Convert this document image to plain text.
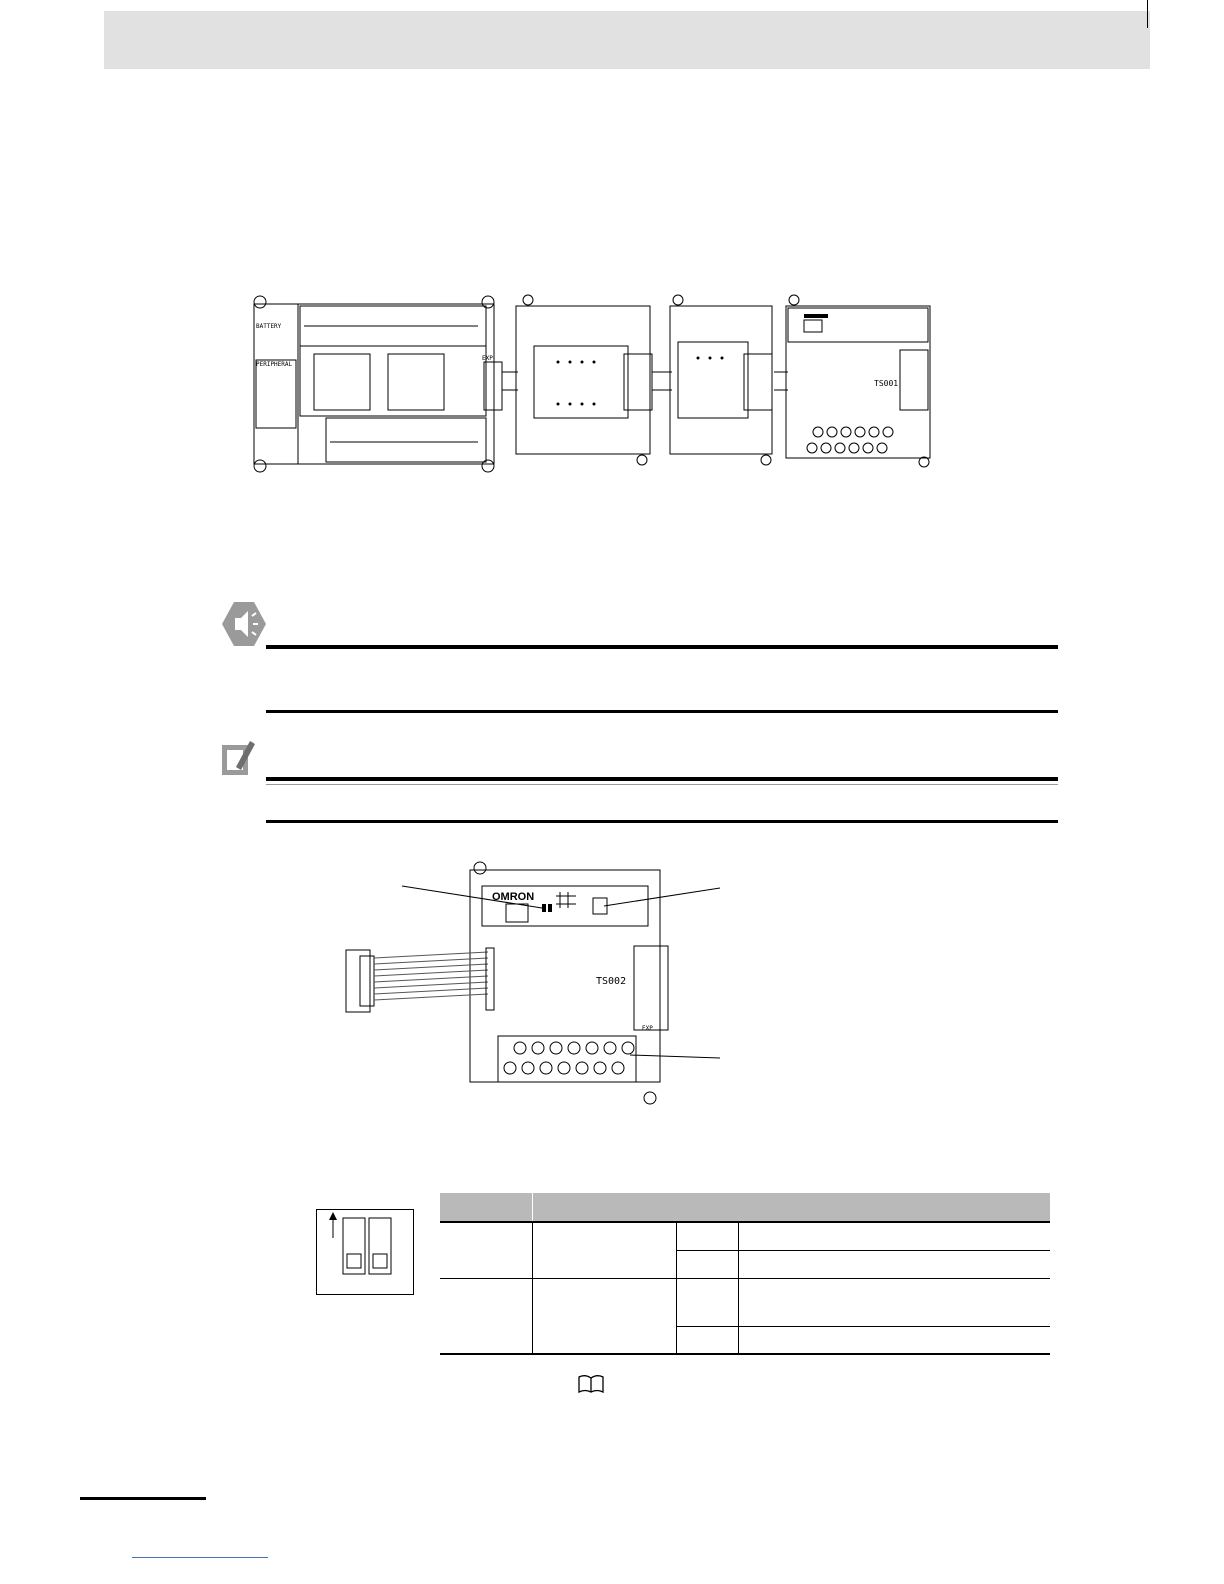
BATTERY
PERIPHERAL
EXP
TS001
OMRON
TS002
EXP
